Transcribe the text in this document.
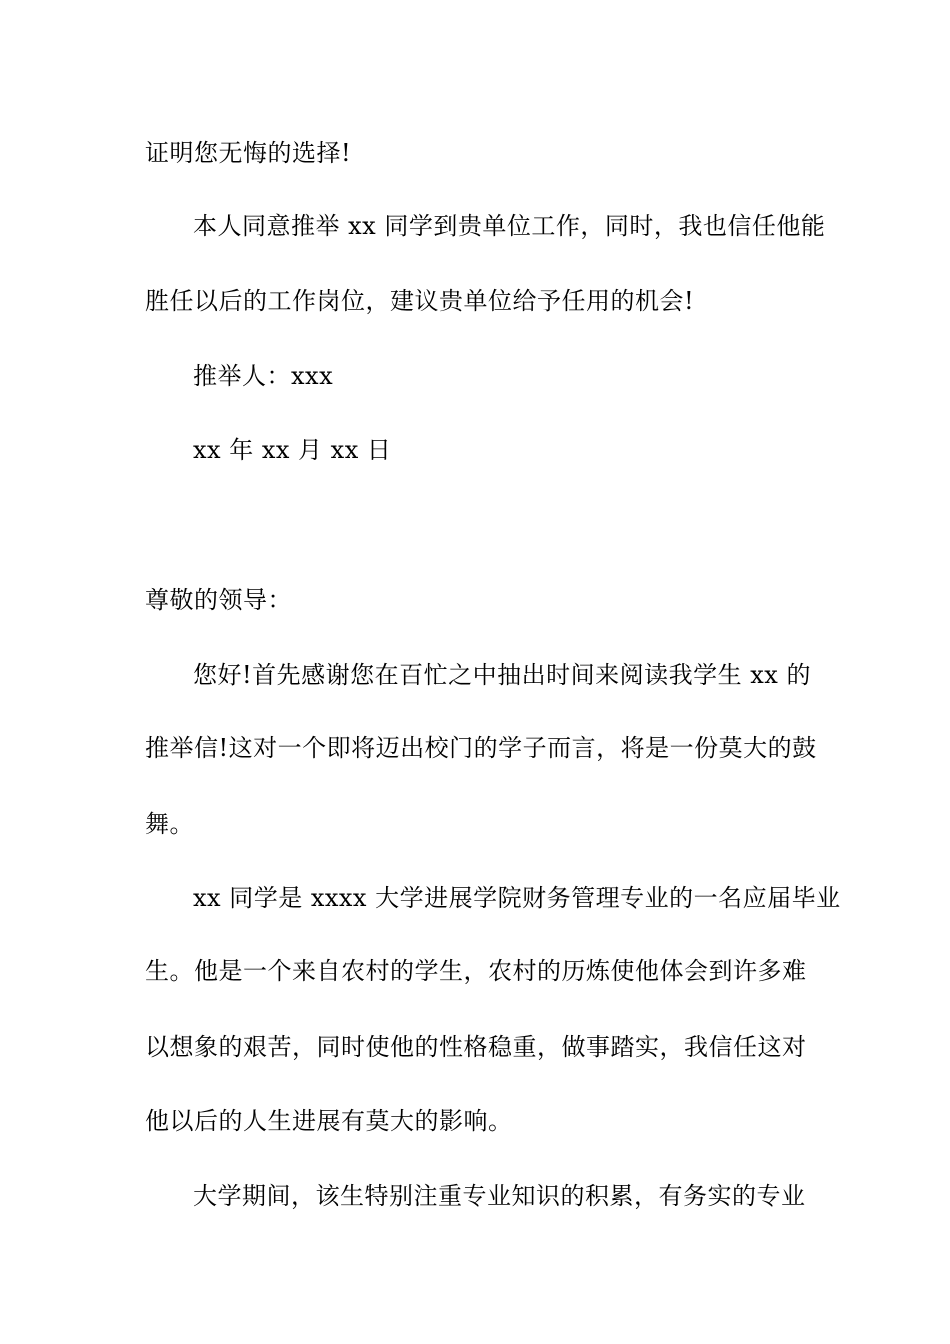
证明您无悔的选择!
本人同意推举 xx 同学到贵单位工作，同时，我也信任他能
胜任以后的工作岗位，建议贵单位给予任用的机会!
推举人：xxx
xx 年 xx 月 xx 日
尊敬的领导：
您好!首先感谢您在百忙之中抽出时间来阅读我学生 xx 的
推举信!这对一个即将迈出校门的学子而言，将是一份莫大的鼓
舞。
xx 同学是 xxxx 大学进展学院财务管理专业的一名应届毕业
生。他是一个来自农村的学生，农村的历炼使他体会到许多难
以想象的艰苦，同时使他的性格稳重，做事踏实，我信任这对
他以后的人生进展有莫大的影响。
大学期间，该生特别注重专业知识的积累，有务实的专业
